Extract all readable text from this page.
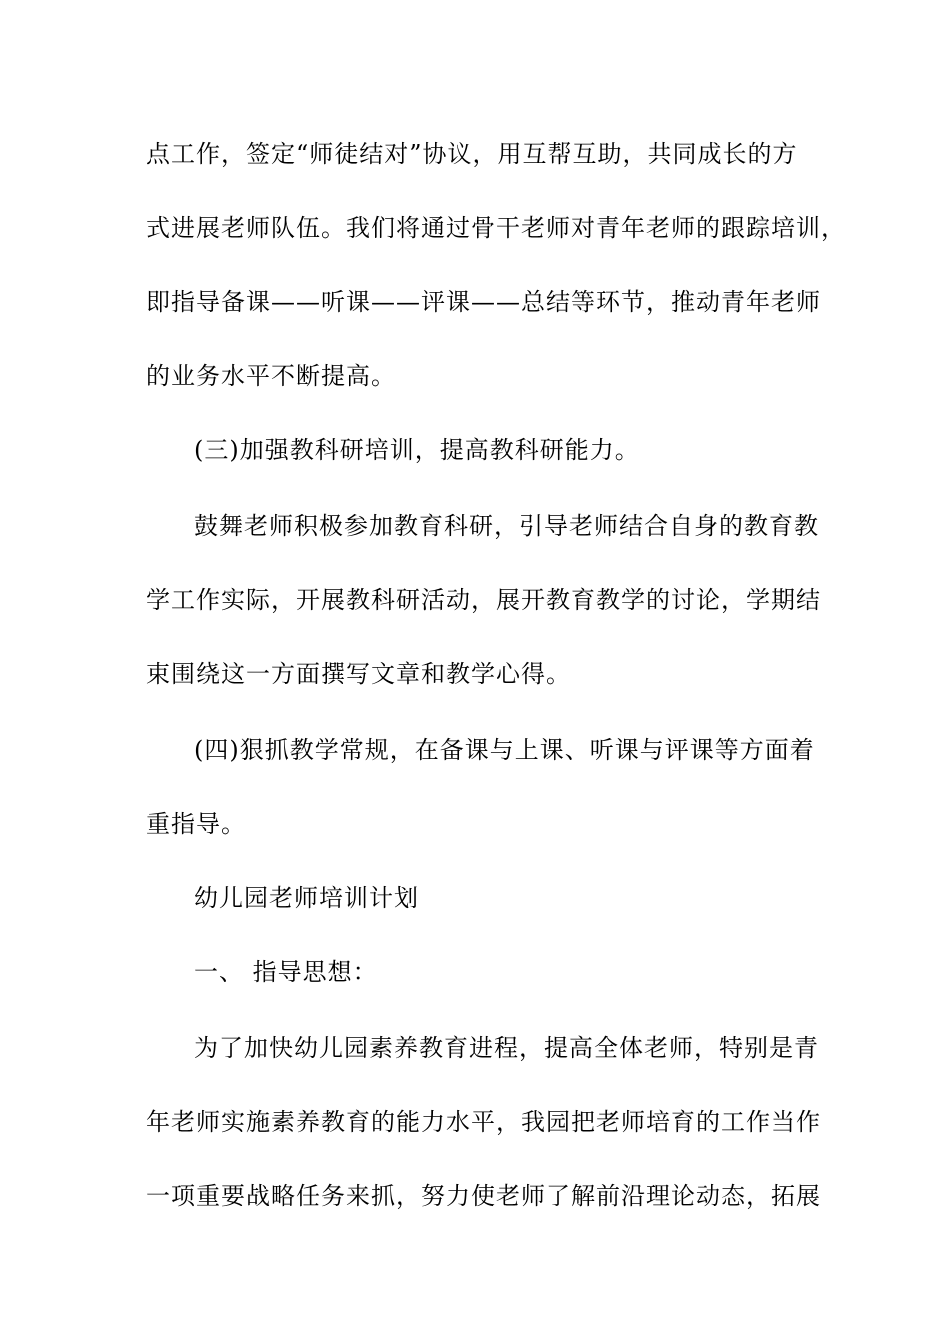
点工作，签定“师徒结对”协议，用互帮互助，共同成长的方
式进展老师队伍。我们将通过骨干老师对青年老师的跟踪培训，
即指导备课——听课——评课——总结等环节，推动青年老师
的业务水平不断提高。
(三)加强教科研培训，提高教科研能力。
鼓舞老师积极参加教育科研，引导老师结合自身的教育教
学工作实际，开展教科研活动，展开教育教学的讨论，学期结
束围绕这一方面撰写文章和教学心得。
(四)狠抓教学常规，在备课与上课、听课与评课等方面着
重指导。
幼儿园老师培训计划
一、 指导思想：
为了加快幼儿园素养教育进程，提高全体老师，特别是青
年老师实施素养教育的能力水平，我园把老师培育的工作当作
一项重要战略任务来抓，努力使老师了解前沿理论动态，拓展
